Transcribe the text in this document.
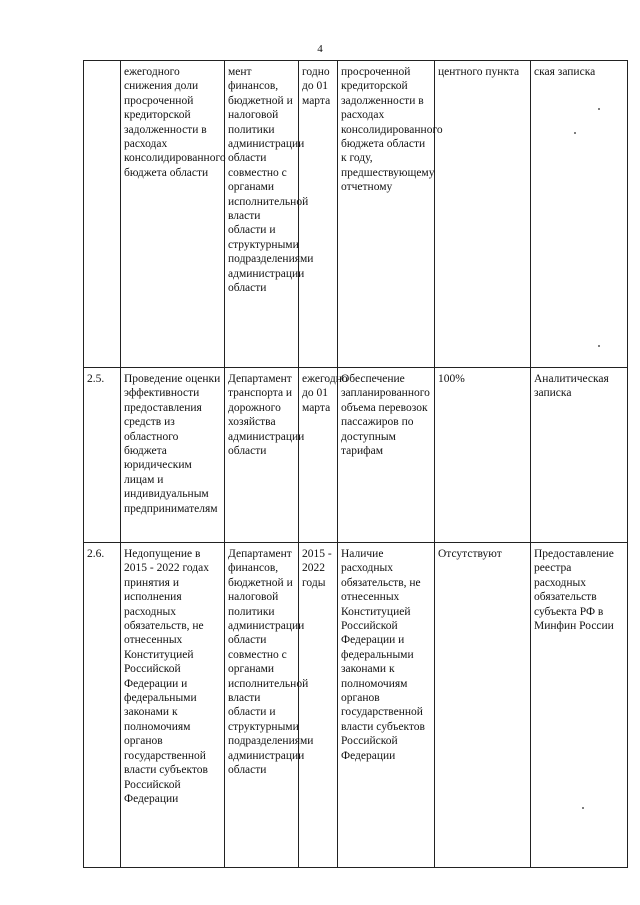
4
	ежегодного снижения доли просроченной кредиторской задолженности в расходах консолидированного бюджета области	мент финансов, бюджетной и налоговой политики администрации области совместно с органами исполнительной власти области и структурными подразделениями администрации области	годно до 01 марта	просроченной кредиторской задолженности в расходах консолидированного бюджета области к году, предшествующему отчетному	центного пункта	ская записка
2.5.	Проведение оценки эффективности предоставления средств из областного бюджета юридическим лицам и индивидуальным предпринимателям	Департамент транспорта и дорожного хозяйства администрации области	ежегодно до 01 марта	Обеспечение запланированного объема перевозок пассажиров по доступным тарифам	100%	Аналитическая записка
2.6.	Недопущение в 2015 - 2022 годах принятия и исполнения расходных обязательств, не отнесенных Конституцией Российской Федерации и федеральными законами к полномочиям органов государственной власти субъектов Российской Федерации	Департамент финансов, бюджетной и налоговой политики администрации области совместно с органами исполнительной власти области и структурными подразделениями администрации области	2015 - 2022 годы	Наличие расходных обязательств, не отнесенных Конституцией Российской Федерации и федеральными законами к полномочиям органов государственной власти субъектов Российской Федерации	Отсутствуют	Предоставление реестра расходных обязательств субъекта РФ в Минфин России
